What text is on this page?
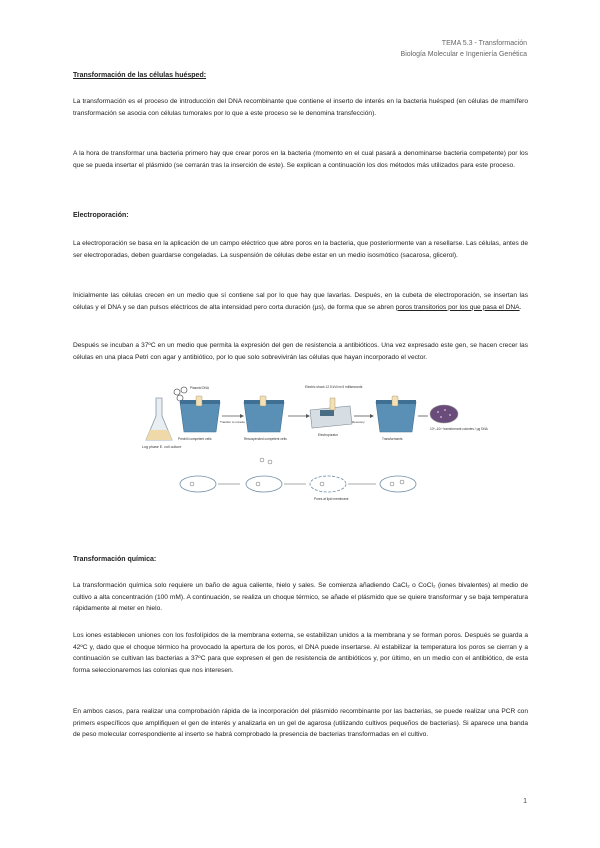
TEMA 5.3 - Transformación
Biología Molecular e Ingeniería Genética
Transformación de las células huésped:
La transformación es el proceso de introducción del DNA recombinante que contiene el inserto de interés en la bacteria huésped (en células de mamífero transformación se asocia con células tumorales por lo que a este proceso se le denomina transfección).
A la hora de transformar una bacteria primero hay que crear poros en la bacteria (momento en el cual pasará a denominarse bacteria competente) por los que se pueda insertar el plásmido (se cerrarán tras la inserción de este). Se explican a continuación los dos métodos más utilizados para este proceso.
Electroporación:
La electroporación se basa en la aplicación de un campo eléctrico que abre poros en la bacteria, que posteriormente van a resellarse. Las células, antes de ser electroporadas, deben guardarse congeladas. La suspensión de células debe estar en un medio isosmótico (sacarosa, glicerol).
Inicialmente las células crecen en un medio que sí contiene sal por lo que hay que lavarlas. Después, en la cubeta de electroporación, se insertan las células y el DNA y se dan pulsos eléctricos de alta intensidad pero corta duración (µs), de forma que se abren poros transitorios por los que pasa el DNA.
Después se incuban a 37ºC en un medio que permita la expresión del gen de resistencia a antibióticos. Una vez expresado este gen, se hacen crecer las células en una placa Petri con agar y antibiótico, por lo que solo sobrevivirán las células que hayan incorporado el vector.
Log phase E. coli culture
Plasmid DNA
Prechill competent cells
Transfer to cuvette
Resuspended competent cells
Electric shock 12.5 kV/cm 5 milliseconds
Electroporator
Recovery
Transformants
10⁹–10¹⁰ transformant colonies / µg DNA
Pores at lipid membrane
Transformación química:
La transformación química solo requiere un baño de agua caliente, hielo y sales. Se comienza añadiendo CaCl₂ o CoCl₂ (iones bivalentes) al medio de cultivo a alta concentración (100 mM). A continuación, se realiza un choque térmico, se añade el plásmido que se quiere transformar y se baja temperatura rápidamente al meter en hielo.
Los iones establecen uniones con los fosfolípidos de la membrana externa, se estabilizan unidos a la membrana y se forman poros. Después se guarda a 42ºC y, dado que el choque térmico ha provocado la apertura de los poros, el DNA puede insertarse. Al estabilizar la temperatura los poros se cierran y a continuación se cultivan las bacterias a 37ºC para que expresen el gen de resistencia de antibióticos y, por último, en un medio con el antibiótico, de esta forma seleccionaremos las colonias que nos interesen.
En ambos casos, para realizar una comprobación rápida de la incorporación del plásmido recombinante por las bacterias, se puede realizar una PCR con primers específicos que amplifiquen el gen de interés y analizarla en un gel de agarosa (utilizando cultivos pequeños de bacterias). Si aparece una banda de peso molecular correspondiente al inserto se habrá comprobado la presencia de bacterias transformadas en el cultivo.
1
